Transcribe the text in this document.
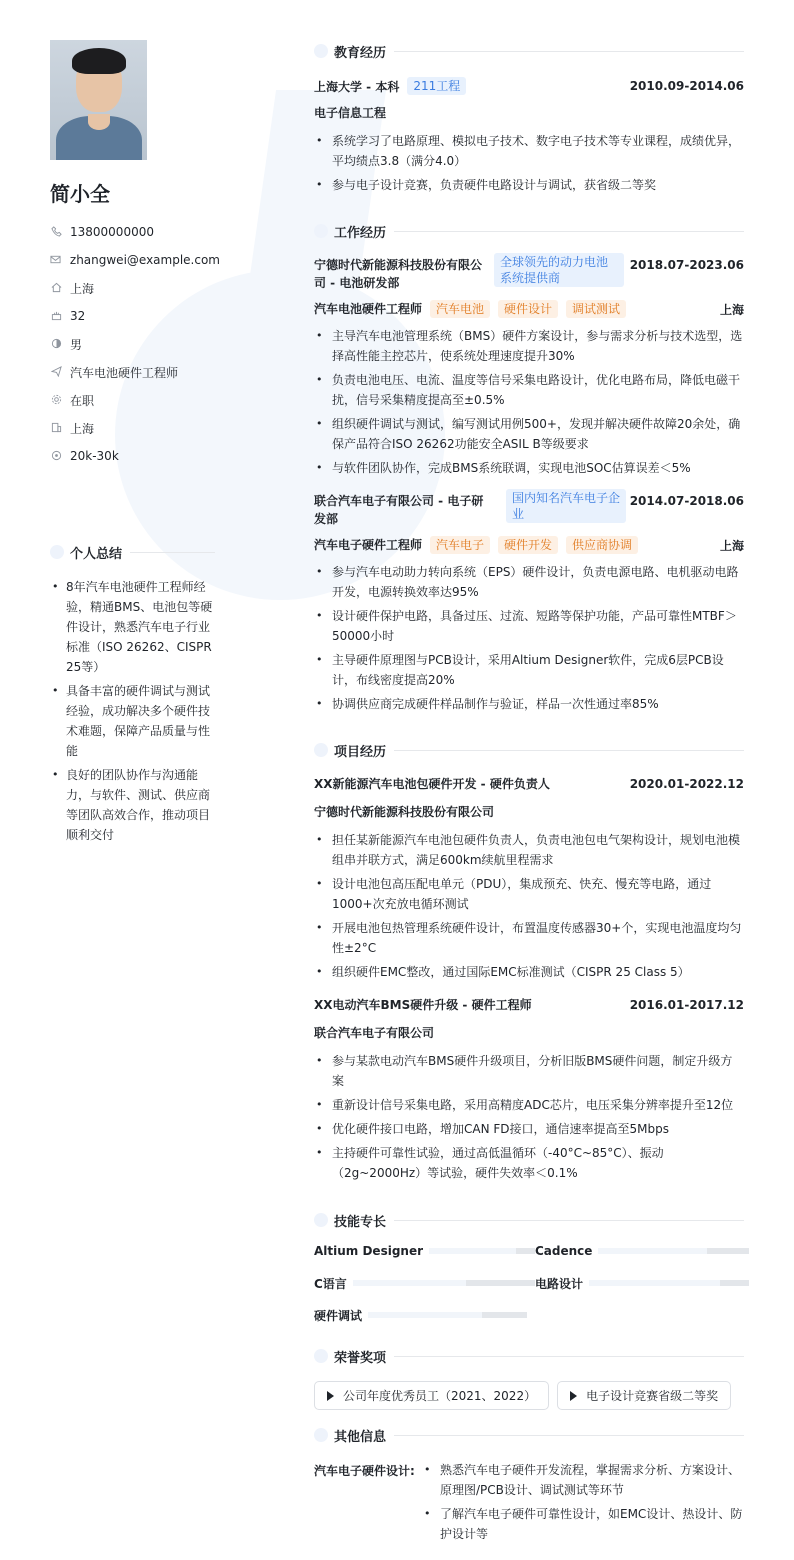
简小全
13800000000
zhangwei@example.com
上海
32
男
汽车电池硬件工程师
在职
上海
20k-30k
个人总结
• 8年汽车电池硬件工程师经验，精通BMS、电池包等硬件设计，熟悉汽车电子行业标准（ISO 26262、CISPR 25等）
• 具备丰富的硬件调试与测试经验，成功解决多个硬件技术难题，保障产品质量与性能
• 良好的团队协作与沟通能力，与软件、测试、供应商等团队高效合作，推动项目顺利交付
教育经历
上海大学 - 本科	211工程	2010.09-2014.06
电子信息工程
• 系统学习了电路原理、模拟电子技术、数字电子技术等专业课程，成绩优异，平均绩点3.8（满分4.0）
• 参与电子设计竞赛，负责硬件电路设计与调试，获省级二等奖
工作经历
宁德时代新能源科技股份有限公司 - 电池研发部
全球领先的动力电池系统提供商
2018.07-2023.06
汽车电池硬件工程师	汽车电池	硬件设计	调试测试	上海
• 主导汽车电池管理系统（BMS）硬件方案设计，参与需求分析与技术选型，选择高性能主控芯片，使系统处理速度提升30%
• 负责电池电压、电流、温度等信号采集电路设计，优化电路布局，降低电磁干扰，信号采集精度提高至±0.5%
• 组织硬件调试与测试，编写测试用例500+，发现并解决硬件故障20余处，确保产品符合ISO 26262功能安全ASIL B等级要求
• 与软件团队协作，完成BMS系统联调，实现电池SOC估算误差＜5%
联合汽车电子有限公司 - 电子研发部
国内知名汽车电子企业
2014.07-2018.06
汽车电子硬件工程师	汽车电子	硬件开发	供应商协调	上海
• 参与汽车电动助力转向系统（EPS）硬件设计，负责电源电路、电机驱动电路开发，电源转换效率达95%
• 设计硬件保护电路，具备过压、过流、短路等保护功能，产品可靠性MTBF＞50000小时
• 主导硬件原理图与PCB设计，采用Altium Designer软件，完成6层PCB设计，布线密度提高20%
• 协调供应商完成硬件样品制作与验证，样品一次性通过率85%
项目经历
XX新能源汽车电池包硬件开发 - 硬件负责人	2020.01-2022.12
宁德时代新能源科技股份有限公司
• 担任某新能源汽车电池包硬件负责人，负责电池包电气架构设计，规划电池模组串并联方式，满足600km续航里程需求
• 设计电池包高压配电单元（PDU），集成预充、快充、慢充等电路，通过1000+次充放电循环测试
• 开展电池包热管理系统硬件设计，布置温度传感器30+个，实现电池温度均匀性±2°C
• 组织硬件EMC整改，通过国际EMC标准测试（CISPR 25 Class 5）
XX电动汽车BMS硬件升级 - 硬件工程师	2016.01-2017.12
联合汽车电子有限公司
• 参与某款电动汽车BMS硬件升级项目，分析旧版BMS硬件问题，制定升级方案
• 重新设计信号采集电路，采用高精度ADC芯片，电压采集分辨率提升至12位
• 优化硬件接口电路，增加CAN FD接口，通信速率提高至5Mbps
• 主持硬件可靠性试验，通过高低温循环（-40°C~85°C）、振动（2g~2000Hz）等试验，硬件失效率＜0.1%
技能专长
Altium Designer	Cadence
C语言	电路设计
硬件调试
荣誉奖项
公司年度优秀员工（2021、2022）	电子设计竞赛省级二等奖
其他信息
汽车电子硬件设计:
•	熟悉汽车电子硬件开发流程，掌握需求分析、方案设计、原理图/PCB设计、调试测试等环节
• 了解汽车电子硬件可靠性设计，如EMC设计、热设计、防护设计等
